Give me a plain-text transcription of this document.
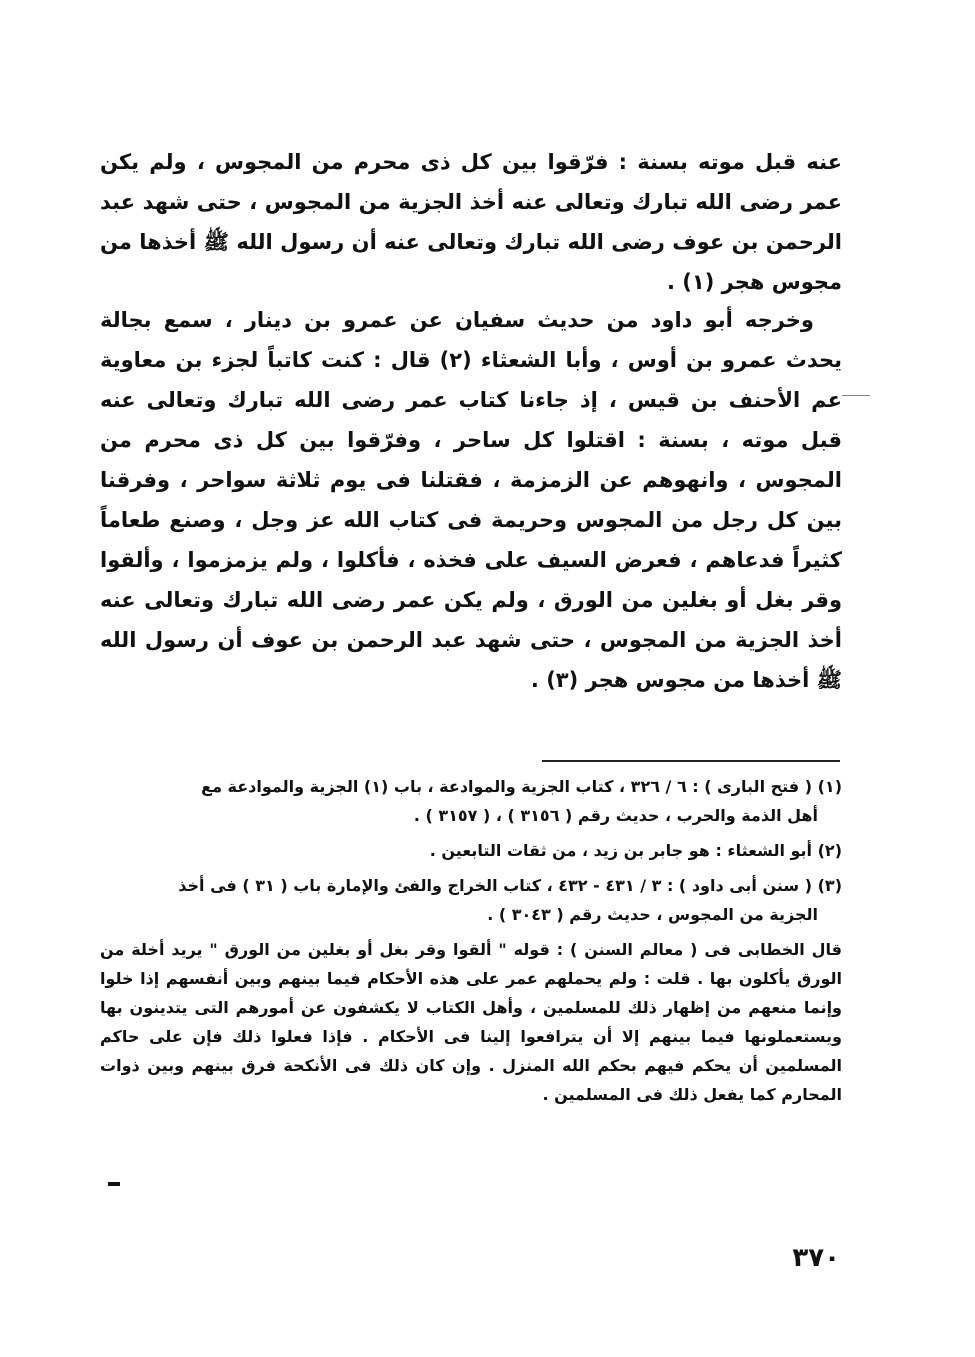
عنه قبل موته بسنة : فرّقوا بين كل ذى محرم من المجوس ، ولم يكن عمر رضى الله تبارك وتعالى عنه أخذ الجزية من المجوس ، حتى شهد عبد الرحمن بن عوف رضى الله تبارك وتعالى عنه أن رسول الله ﷺ أخذها من مجوس هجر (١) .

وخرجه أبو داود من حديث سفيان عن عمرو بن دينار ، سمع بجالة يحدث عمرو بن أوس ، وأبا الشعثاء (٢) قال : كنت كاتباً لجزء بن معاوية عم الأحنف بن قيس ، إذ جاءنا كتاب عمر رضى الله تبارك وتعالى عنه قبل موته ، بسنة : اقتلوا كل ساحر ، وفرّقوا بين كل ذى محرم من المجوس ، وانهوهم عن الزمزمة ، فقتلنا فى يوم ثلاثة سواحر ، وفرقنا بين كل رجل من المجوس وحريمة فى كتاب الله عز وجل ، وصنع طعاماً كثيراً فدعاهم ، فعرض السيف على فخذه ، فأكلوا ، ولم يزمزموا ، وألقوا وقر بغل أو بغلين من الورق ، ولم يكن عمر رضى الله تبارك وتعالى عنه أخذ الجزية من المجوس ، حتى شهد عبد الرحمن بن عوف أن رسول الله ﷺ أخذها من مجوس هجر (٣) .

(١) ( فتح البارى ) : ٦ / ٣٢٦ ، كتاب الجزية والموادعة ، باب (١) الجزية والموادعة مع

أهل الذمة والحرب ، حديث رقم ( ٣١٥٦ ) ، ( ٣١٥٧ ) .

(٢) أبو الشعثاء : هو جابر بن زيد ، من ثقات التابعين .

(٣) ( سنن أبى داود ) : ٣ / ٤٣١ - ٤٣٢ ، كتاب الخراج والفئ والإمارة باب ( ٣١ ) فى أخذ

الجزية من المجوس ، حديث رقم ( ٣٠٤٣ ) .

قال الخطابى فى ( معالم السنن ) : قوله " ألقوا وقر بغل أو بغلين من الورق " يريد أخلة من الورق يأكلون بها . قلت : ولم يحملهم عمر على هذه الأحكام فيما بينهم وبين أنفسهم إذا خلوا وإنما منعهم من إظهار ذلك للمسلمين ، وأهل الكتاب لا يكشفون عن أمورهم التى يتدينون بها ويستعملونها فيما بينهم إلا أن يترافعوا إلينا فى الأحكام . فإذا فعلوا ذلك فإن على حاكم المسلمين أن يحكم فيهم بحكم الله المنزل . وإن كان ذلك فى الأنكحة فرق بينهم وبين ذوات المحارم كما يفعل ذلك فى المسلمين .

٣٧٠
